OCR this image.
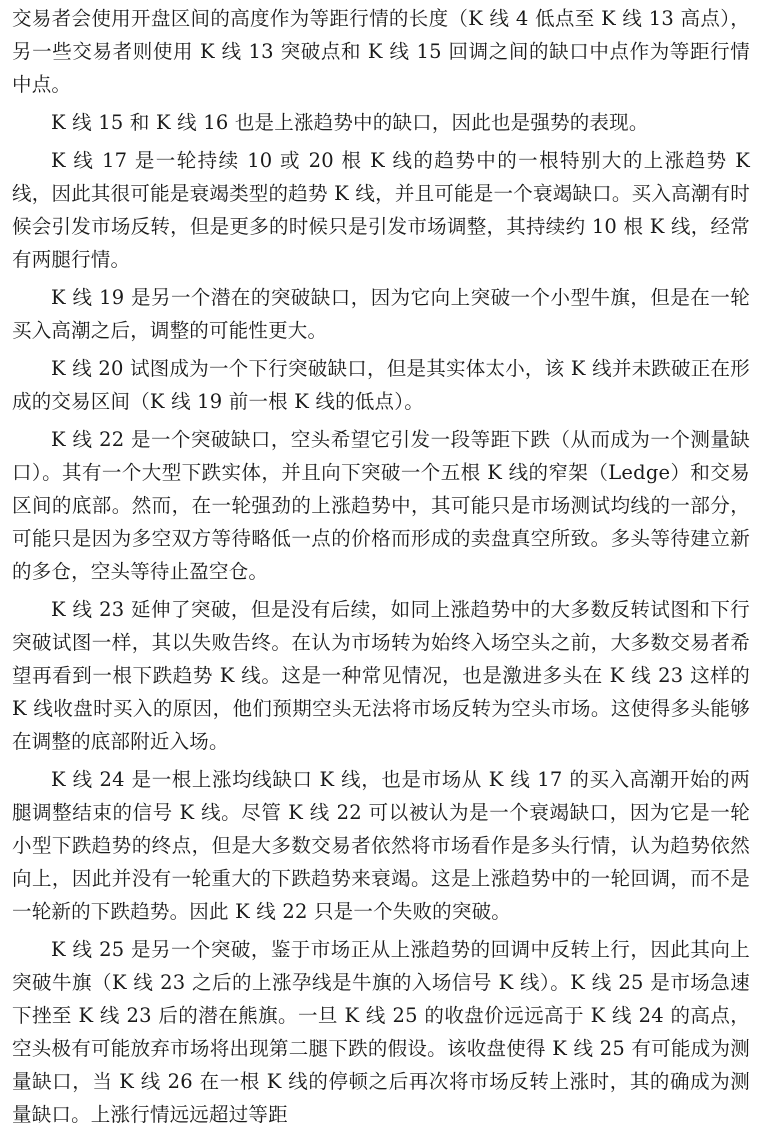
交易者会使用开盘区间的高度作为等距行情的长度（K 线 4 低点至 K 线 13 高点），另一些交易者则使用 K 线 13 突破点和 K 线 15 回调之间的缺口中点作为等距行情中点。

K 线 15 和 K 线 16 也是上涨趋势中的缺口，因此也是强势的表现。

K 线 17 是一轮持续 10 或 20 根 K 线的趋势中的一根特别大的上涨趋势 K 线，因此其很可能是衰竭类型的趋势 K 线，并且可能是一个衰竭缺口。买入高潮有时候会引发市场反转，但是更多的时候只是引发市场调整，其持续约 10 根 K 线，经常有两腿行情。

K 线 19 是另一个潜在的突破缺口，因为它向上突破一个小型牛旗，但是在一轮买入高潮之后，调整的可能性更大。

K 线 20 试图成为一个下行突破缺口，但是其实体太小，该 K 线并未跌破正在形成的交易区间（K 线 19 前一根 K 线的低点）。

K 线 22 是一个突破缺口，空头希望它引发一段等距下跌（从而成为一个测量缺口）。其有一个大型下跌实体，并且向下突破一个五根 K 线的窄架（Ledge）和交易区间的底部。然而，在一轮强劲的上涨趋势中，其可能只是市场测试均线的一部分，可能只是因为多空双方等待略低一点的价格而形成的卖盘真空所致。多头等待建立新的多仓，空头等待止盈空仓。

K 线 23 延伸了突破，但是没有后续，如同上涨趋势中的大多数反转试图和下行突破试图一样，其以失败告终。在认为市场转为始终入场空头之前，大多数交易者希望再看到一根下跌趋势 K 线。这是一种常见情况，也是激进多头在 K 线 23 这样的 K 线收盘时买入的原因，他们预期空头无法将市场反转为空头市场。这使得多头能够在调整的底部附近入场。

K 线 24 是一根上涨均线缺口 K 线，也是市场从 K 线 17 的买入高潮开始的两腿调整结束的信号 K 线。尽管 K 线 22 可以被认为是一个衰竭缺口，因为它是一轮小型下跌趋势的终点，但是大多数交易者依然将市场看作是多头行情，认为趋势依然向上，因此并没有一轮重大的下跌趋势来衰竭。这是上涨趋势中的一轮回调，而不是一轮新的下跌趋势。因此 K 线 22 只是一个失败的突破。

K 线 25 是另一个突破，鉴于市场正从上涨趋势的回调中反转上行，因此其向上突破牛旗（K 线 23 之后的上涨孕线是牛旗的入场信号 K 线）。K 线 25 是市场急速下挫至 K 线 23 后的潜在熊旗。一旦 K 线 25 的收盘价远远高于 K 线 24 的高点，空头极有可能放弃市场将出现第二腿下跌的假设。该收盘使得 K 线 25 有可能成为测量缺口，当 K 线 26 在一根 K 线的停顿之后再次将市场反转上涨时，其的确成为测量缺口。上涨行情远远超过等距
